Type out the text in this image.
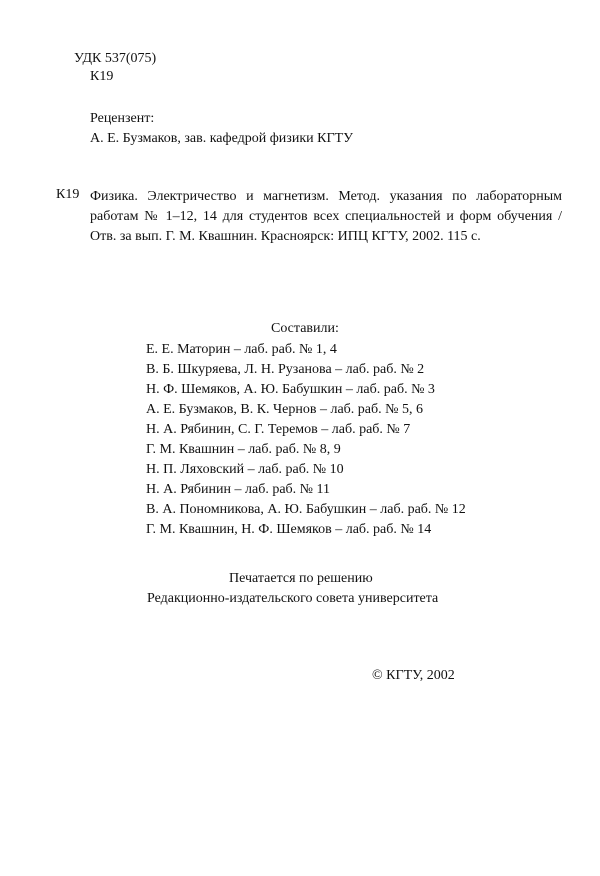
УДК 537(075)
К19
Рецензент:
А. Е. Бузмаков, зав. кафедрой физики КГТУ
К19 Физика. Электричество и магнетизм. Метод. указания по лабораторным работам № 1–12, 14 для студентов всех специальностей и форм обучения / Отв. за вып. Г. М. Квашнин. Красноярск: ИПЦ КГТУ, 2002. 115 с.
Составили:
Е. Е. Маторин – лаб. раб. № 1, 4
В. Б. Шкуряева, Л. Н. Рузанова – лаб. раб. № 2
Н. Ф. Шемяков, А. Ю. Бабушкин – лаб. раб. № 3
А. Е. Бузмаков, В. К. Чернов – лаб. раб. № 5, 6
Н. А. Рябинин, С. Г. Теремов – лаб. раб. № 7
Г. М. Квашнин – лаб. раб. № 8, 9
Н. П. Ляховский – лаб. раб. № 10
Н. А. Рябинин – лаб. раб. № 11
В. А. Пономникова, А. Ю. Бабушкин – лаб. раб. № 12
Г. М. Квашнин, Н. Ф. Шемяков – лаб. раб. № 14
Печатается по решению
Редакционно-издательского совета университета
© КГТУ, 2002
